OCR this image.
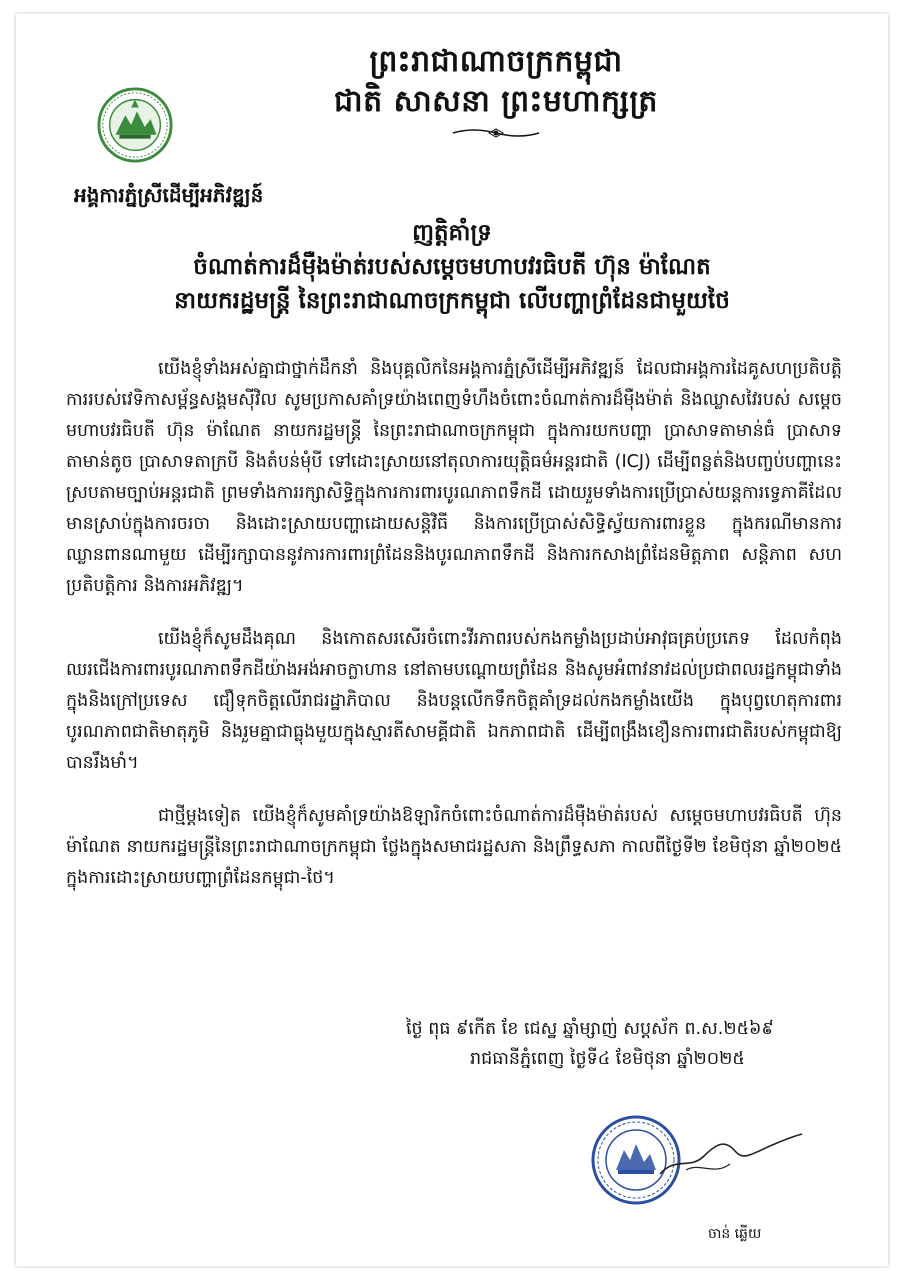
ព្រះរាជាណាចក្រកម្ពុជា
ជាតិ សាសនា ព្រះមហាក្សត្រ
អង្គការភ្នំស្រីដើម្បីអភិវឌ្ឍន៍
ញត្តិគាំទ្រ
ចំណាត់ការដ៏ម៉ឺងម៉ាត់របស់សម្តេចមហាបវរធិបតី ហ៊ុន ម៉ាណែត
នាយករដ្ឋមន្ត្រី នៃព្រះរាជាណាចក្រកម្ពុជា លើបញ្ហាព្រំដែនជាមួយថៃ

យើងខ្ញុំទាំងអស់គ្នាជាថ្នាក់ដឹកនាំ និងបុគ្គលិកនៃអង្គការភ្នំស្រីដើម្បីអភិវឌ្ឍន៍ ដែលជាអង្គការដៃគូសហប្រតិបត្តិការរបស់វេទិកាសម្ព័ន្ធសង្គមស៊ីវិល សូមប្រកាសគាំទ្រយ៉ាងពេញទំហឹងចំពោះចំណាត់ការដ៏ម៉ឺងម៉ាត់ និងឈ្លាសវៃរបស់ សម្តេចមហាបវរធិបតី ហ៊ុន ម៉ាណែត នាយករដ្ឋមន្ត្រី នៃព្រះរាជាណាចក្រកម្ពុជា ក្នុងការយកបញ្ហា ប្រាសាទតាមាន់ធំ ប្រាសាទតាមាន់តូច ប្រាសាទតាក្របី និងតំបន់មុំបី ទៅដោះស្រាយនៅតុលាការយុត្តិធម៌អន្តរជាតិ (ICJ) ដើម្បីពន្លត់និងបញ្ចប់បញ្ហានេះស្របតាមច្បាប់អន្តរជាតិ ព្រមទាំងការរក្សាសិទ្ធិក្នុងការការពារបូរណភាពទឹកដី ដោយរួមទាំងការប្រើប្រាស់យន្តការទ្វេភាគីដែលមានស្រាប់ក្នុងការចរចា និងដោះស្រាយបញ្ហាដោយសន្តិវិធី និងការប្រើប្រាស់សិទ្ធិស្វ័យការពារខ្លួន ក្នុងករណីមានការឈ្លានពានណាមួយ ដើម្បីរក្សាបាននូវការការពារព្រំដែននិងបូរណភាពទឹកដី និងការកសាងព្រំដែនមិត្តភាព សន្តិភាព សហប្រតិបត្តិការ និងការអភិវឌ្ឍ។

យើងខ្ញុំក៏សូមដឹងគុណ និងកោតសរសើរចំពោះវីរភាពរបស់កងកម្លាំងប្រដាប់អាវុធគ្រប់ប្រភេទ ដែលកំពុងឈរជើងការពារបូរណភាពទឹកដីយ៉ាងអង់អាចក្លាហាន នៅតាមបណ្តោយព្រំដែន និងសូមអំពាវនាវដល់ប្រជាពលរដ្ឋកម្ពុជាទាំងក្នុងនិងក្រៅប្រទេស ជឿទុកចិត្តលើរាជរដ្ឋាភិបាល និងបន្តលើកទឹកចិត្តគាំទ្រដល់កងកម្លាំងយើង ក្នុងបុព្វហេតុការពារបូរណភាពជាតិមាតុភូមិ និងរួមគ្នាជាធ្លុងមួយក្នុងស្មារតីសាមគ្គីជាតិ ឯកភាពជាតិ ដើម្បីពង្រឹងខឿនការពារជាតិរបស់កម្ពុជាឱ្យបានរឹងមាំ។

ជាថ្មីម្តងទៀត យើងខ្ញុំក៏សូមគាំទ្រយ៉ាងឱឡារិកចំពោះចំណាត់ការដ៏ម៉ឺងម៉ាត់របស់ សម្តេចមហាបវរធិបតី ហ៊ុន ម៉ាណែត នាយករដ្ឋមន្ត្រីនៃព្រះរាជាណាចក្រកម្ពុជា ថ្លែងក្នុងសមាជរដ្ឋសភា និងព្រឹទ្ធសភា កាលពីថ្ងៃទី២ ខែមិថុនា ឆ្នាំ២០២៥ ក្នុងការដោះស្រាយបញ្ហាព្រំដែនកម្ពុជា-ថៃ។

ថ្ងៃ ពុធ ៩កើត ខែ ជេស្ឋ ឆ្នាំម្សាញ់ សប្តស័ក ព.ស.២៥៦៩
រាជធានីភ្នំពេញ ថ្ងៃទី៤ ខែមិថុនា ឆ្នាំ២០២៥
ចាន់ ឆ្លើយ
